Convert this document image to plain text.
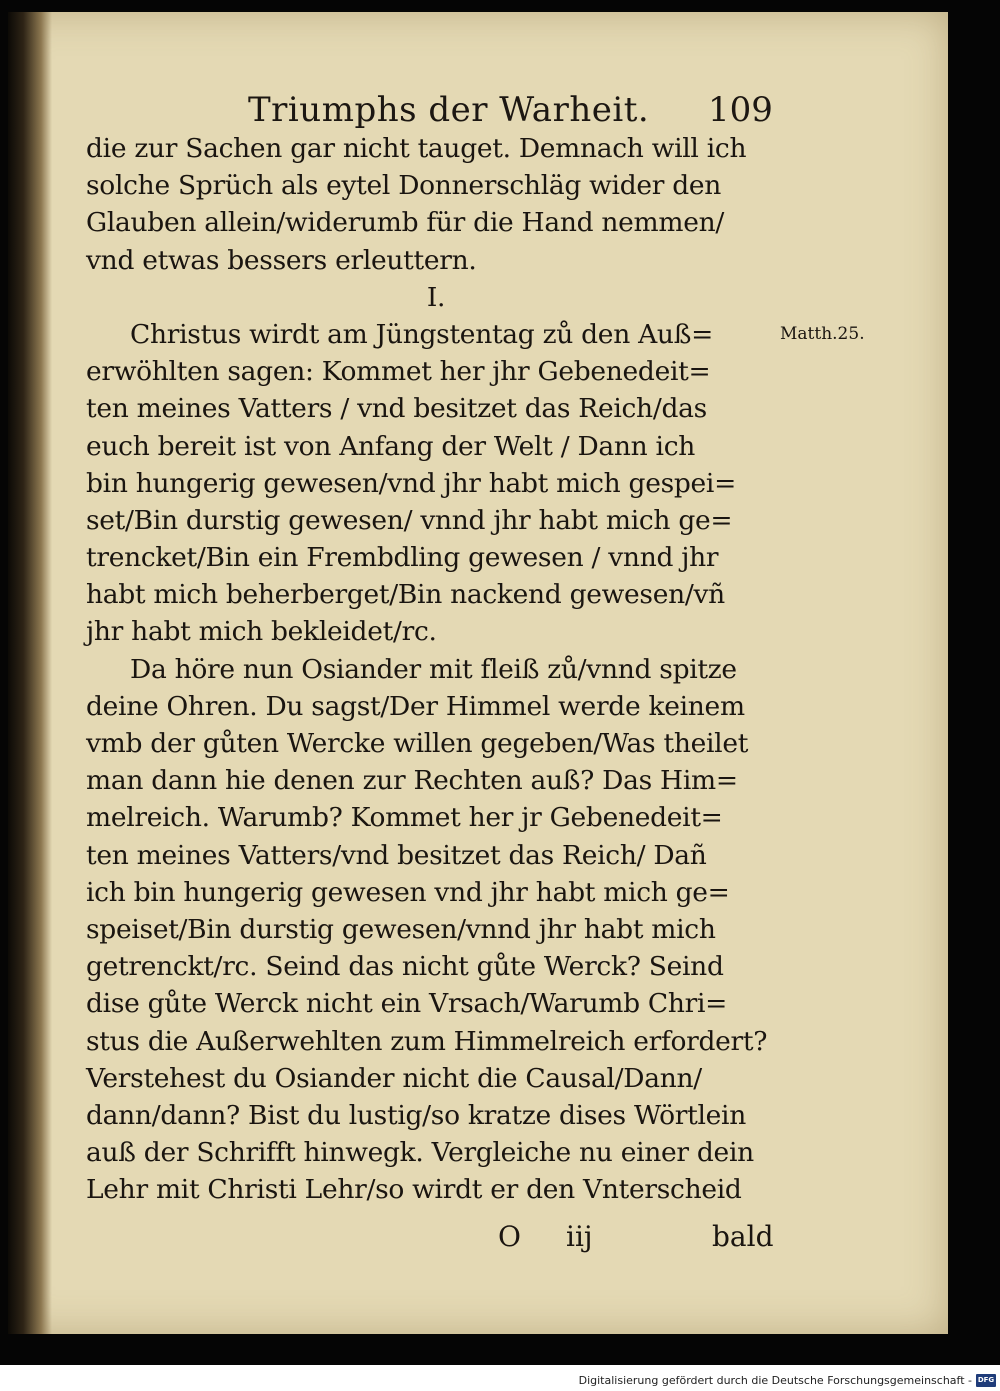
Triumphs der Warheit. 109
die zur Sachen gar nicht tauget. Demnach will ich
solche Sprüch als eytel Donnerschläg wider den
Glauben allein/widerumb für die Hand nemmen/
vnd etwas bessers erleuttern.
I.
Christus wirdt am Jüngstentag zů den Auß=
erwöhlten sagen: Kommet her jhr Gebenedeit=
ten meines Vatters / vnd besitzet das Reich/das
euch bereit ist von Anfang der Welt / Dann ich
bin hungerig gewesen/vnd jhr habt mich gespei=
set/Bin durstig gewesen/ vnnd jhr habt mich ge=
trencket/Bin ein Frembdling gewesen / vnnd jhr
habt mich beherberget/Bin nackend gewesen/vñ
jhr habt mich bekleidet/rc.
Da höre nun Osiander mit fleiß zů/vnnd spitze
deine Ohren. Du sagst/Der Himmel werde keinem
vmb der gůten Wercke willen gegeben/Was theilet
man dann hie denen zur Rechten auß? Das Him=
melreich. Warumb? Kommet her jr Gebenedeit=
ten meines Vatters/vnd besitzet das Reich/ Dañ
ich bin hungerig gewesen vnd jhr habt mich ge=
speiset/Bin durstig gewesen/vnnd jhr habt mich
getrenckt/rc. Seind das nicht gůte Werck? Seind
dise gůte Werck nicht ein Vrsach/Warumb Chri=
stus die Außerwehlten zum Himmelreich erfordert?
Verstehest du Osiander nicht die Causal/Dann/
dann/dann? Bist du lustig/so kratze dises Wörtlein
auß der Schrifft hinwegk. Vergleiche nu einer dein
Lehr mit Christi Lehr/so wirdt er den Vnterscheid
Matth.25.
O iij	bald
Digitalisierung gefördert durch die Deutsche Forschungsgemeinschaft - DFG
